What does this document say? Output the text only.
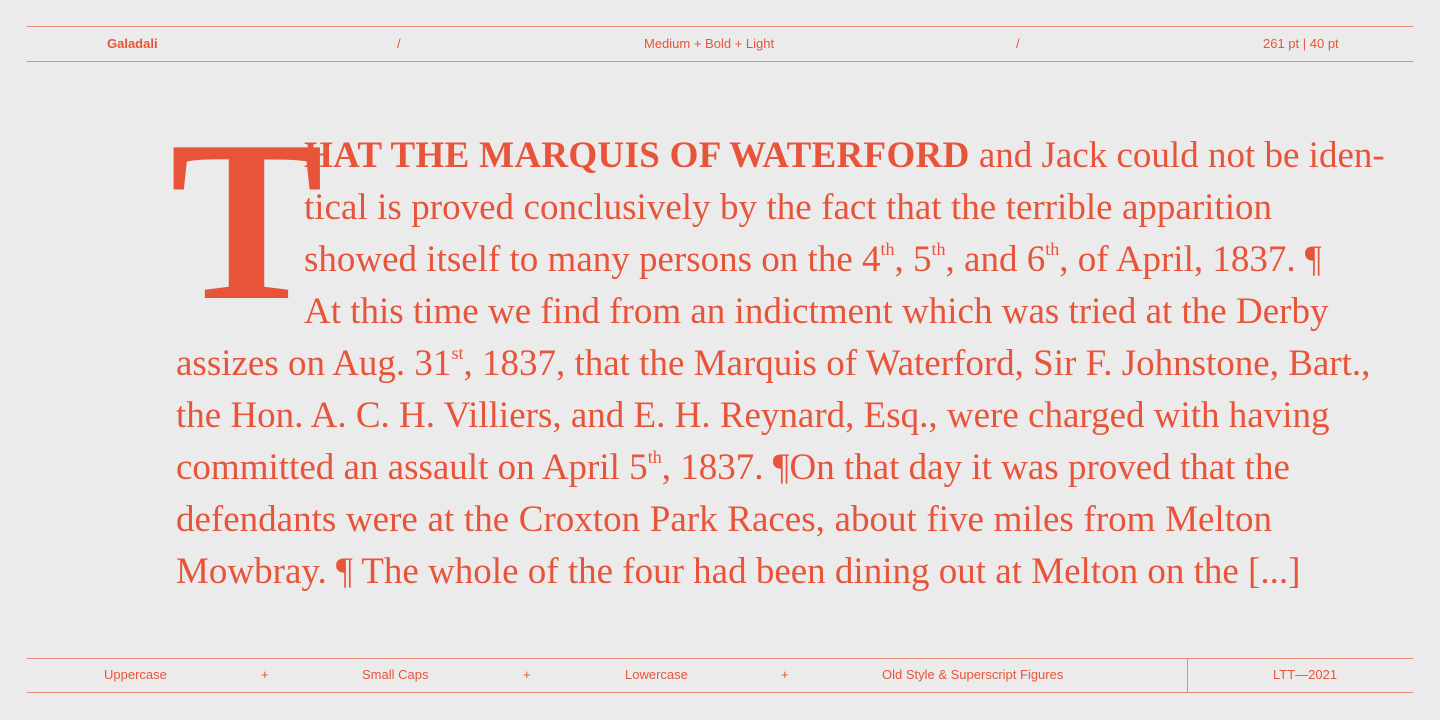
Galadali	/	Medium + Bold + Light	/	261 pt | 40 pt
T
HAT THE MARQUIS OF WATERFORD and Jack could not be iden-
tical is proved conclusively by the fact that the terrible apparition
showed itself to many persons on the 4th, 5th, and 6th, of April, 1837. ¶
At this time we find from an indictment which was tried at the Derby
assizes on Aug. 31st, 1837, that the Marquis of Waterford, Sir F. Johnstone, Bart.,
the Hon. A. C. H. Villiers, and E. H. Reynard, Esq., were charged with having
committed an assault on April 5th, 1837. ¶On that day it was proved that the
defendants were at the Croxton Park Races, about five miles from Melton
Mowbray. ¶ The whole of the four had been dining out at Melton on the [...]
Uppercase	+	Small Caps	+	Lowercase	+	Old Style & Superscript Figures	LTT—2021
